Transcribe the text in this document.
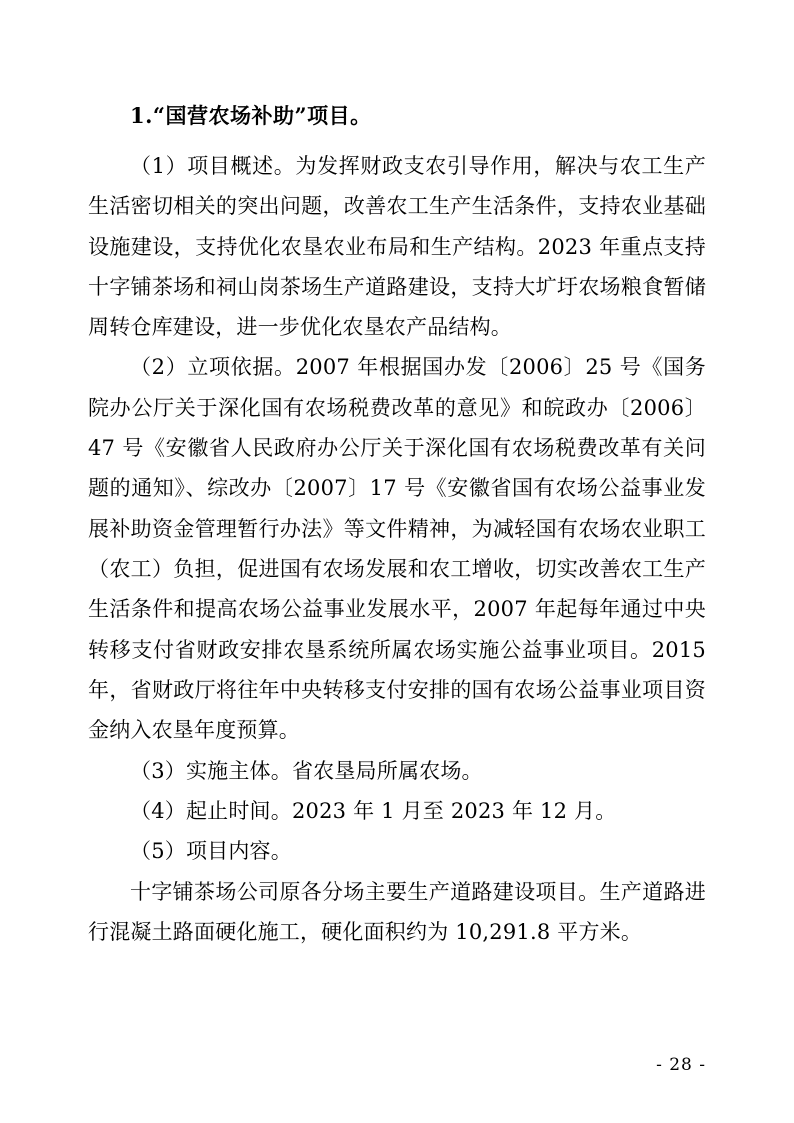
1.“国营农场补助”项目。

（1）项目概述。为发挥财政支农引导作用，解决与农工生产生活密切相关的突出问题，改善农工生产生活条件，支持农业基础设施建设，支持优化农垦农业布局和生产结构。2023 年重点支持十字铺茶场和祠山岗茶场生产道路建设，支持大圹圩农场粮食暂储周转仓库建设，进一步优化农垦农产品结构。

（2）立项依据。2007 年根据国办发〔2006〕25 号《国务院办公厅关于深化国有农场税费改革的意见》和皖政办〔2006〕47 号《安徽省人民政府办公厅关于深化国有农场税费改革有关问题的通知》、综改办〔2007〕17 号《安徽省国有农场公益事业发展补助资金管理暂行办法》等文件精神，为减轻国有农场农业职工（农工）负担，促进国有农场发展和农工增收，切实改善农工生产生活条件和提高农场公益事业发展水平，2007 年起每年通过中央转移支付省财政安排农垦系统所属农场实施公益事业项目。2015 年，省财政厅将往年中央转移支付安排的国有农场公益事业项目资金纳入农垦年度预算。

（3）实施主体。省农垦局所属农场。

（4）起止时间。2023 年 1 月至 2023 年 12 月。

（5）项目内容。

十字铺茶场公司原各分场主要生产道路建设项目。生产道路进行混凝土路面硬化施工，硬化面积约为 10,291.8 平方米。

- 28 -
